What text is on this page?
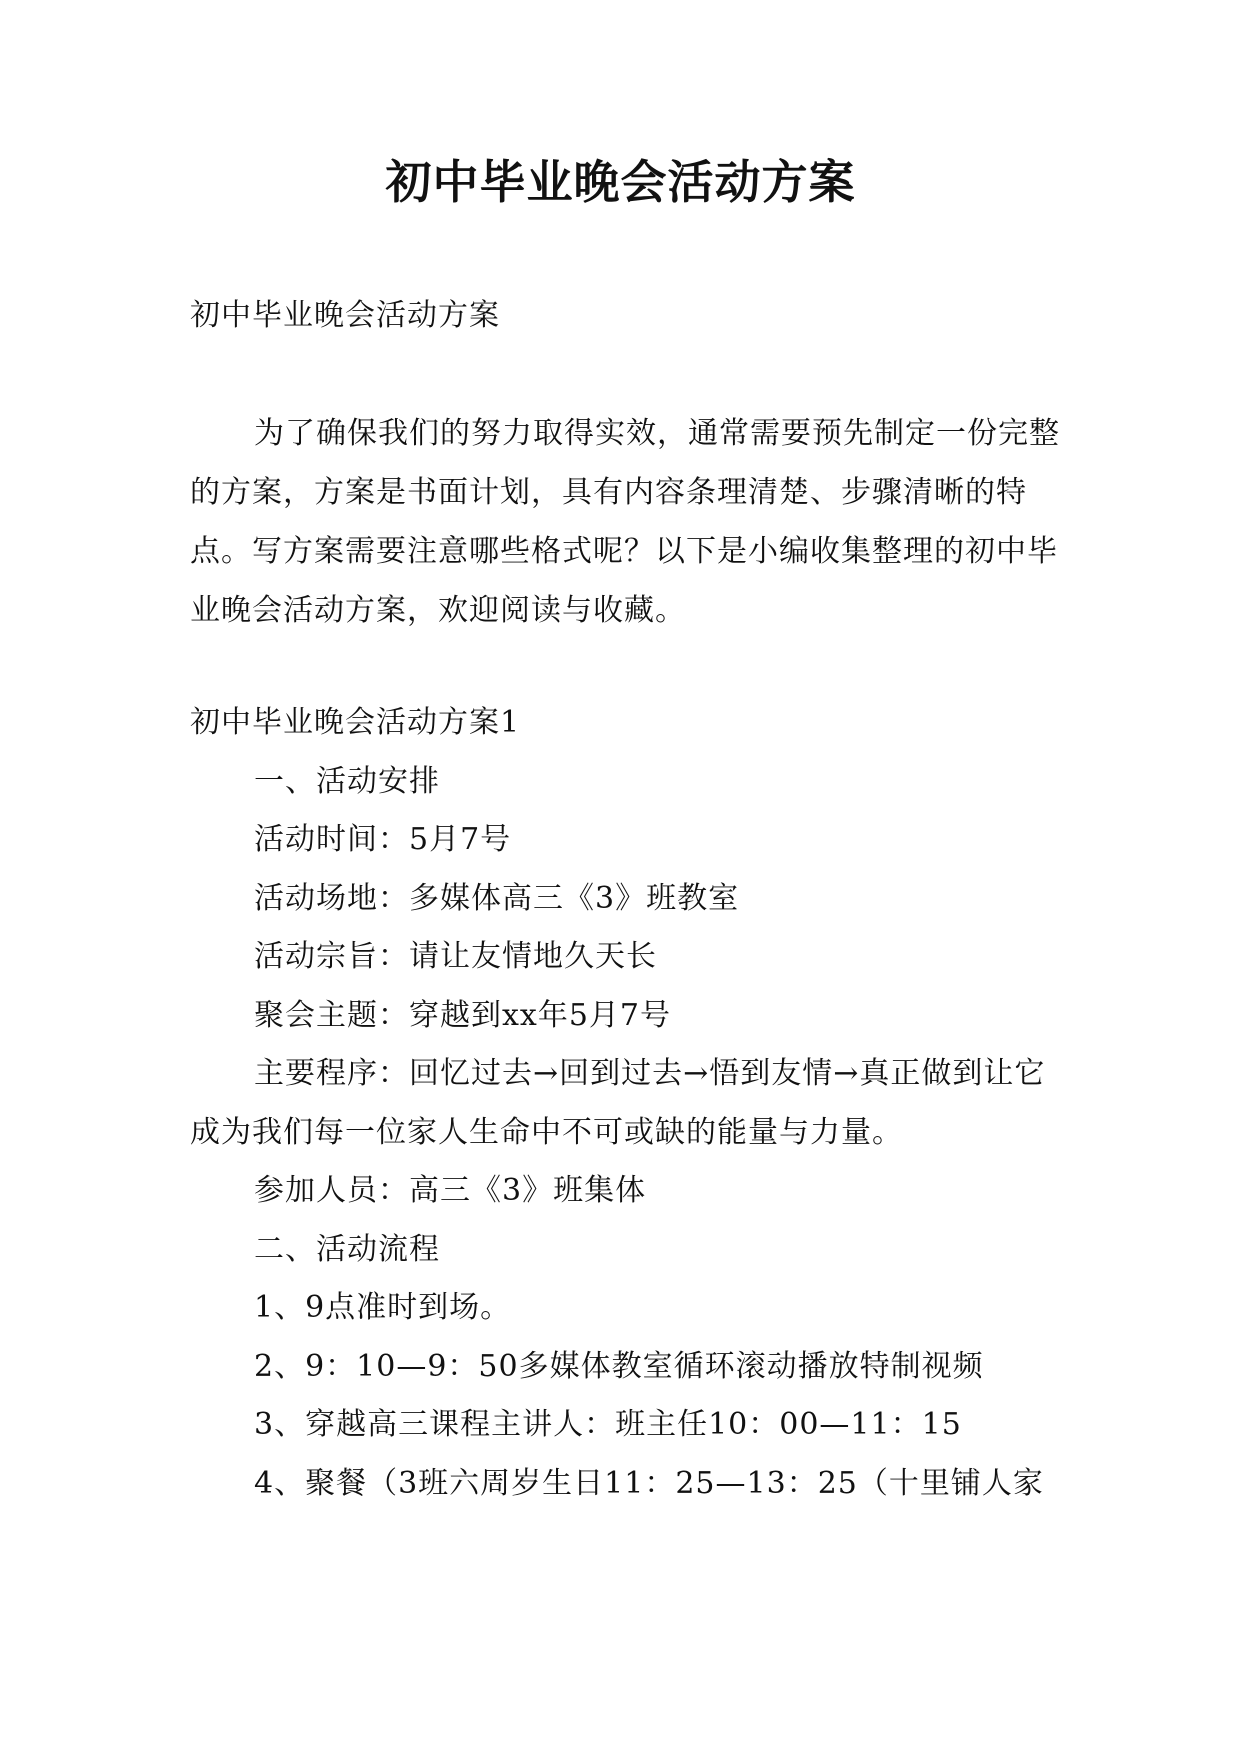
初中毕业晚会活动方案

初中毕业晚会活动方案

为了确保我们的努力取得实效，通常需要预先制定一份完整的方案，方案是书面计划，具有内容条理清楚、步骤清晰的特点。写方案需要注意哪些格式呢？以下是小编收集整理的初中毕业晚会活动方案，欢迎阅读与收藏。

初中毕业晚会活动方案1

一、活动安排

活动时间：5月7号

活动场地：多媒体高三《3》班教室

活动宗旨：请让友情地久天长

聚会主题：穿越到xx年5月7号

主要程序：回忆过去→回到过去→悟到友情→真正做到让它成为我们每一位家人生命中不可或缺的能量与力量。

参加人员：高三《3》班集体

二、活动流程

1、9点准时到场。

2、9：10—9：50多媒体教室循环滚动播放特制视频

3、穿越高三课程主讲人：班主任10：00—11：15

4、聚餐（3班六周岁生日11：25—13：25（十里铺人家
